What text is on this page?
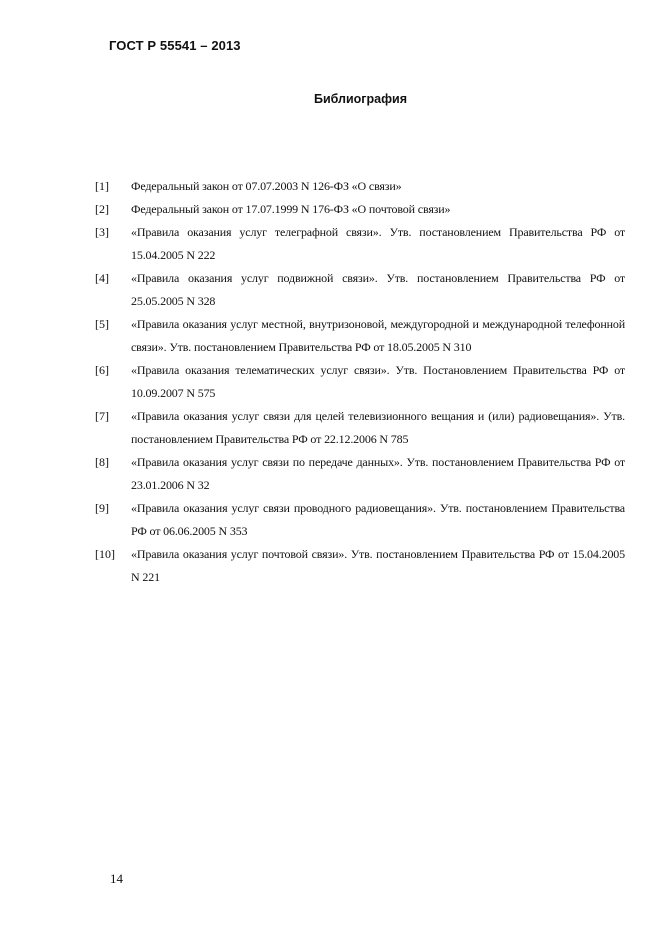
ГОСТ Р 55541 – 2013
Библиография
[1]	Федеральный закон от 07.07.2003 N 126-ФЗ «О связи»
[2]	Федеральный закон от 17.07.1999 N 176-ФЗ «О почтовой связи»
[3]	«Правила оказания услуг телеграфной связи». Утв. постановлением Правительства РФ от 15.04.2005 N 222
[4]	«Правила оказания услуг подвижной связи». Утв. постановлением Правительства РФ от 25.05.2005 N 328
[5]	«Правила оказания услуг местной, внутризоновой, междугородной и международной телефонной связи». Утв. постановлением Правительства РФ от 18.05.2005 N 310
[6]	«Правила оказания телематических услуг связи». Утв. Постановлением Правительства РФ от 10.09.2007 N 575
[7]	«Правила оказания услуг связи для целей телевизионного вещания и (или) радиовещания». Утв. постановлением Правительства РФ от 22.12.2006 N 785
[8]	«Правила оказания услуг связи по передаче данных». Утв. постановлением Правительства РФ от 23.01.2006 N 32
[9]	«Правила оказания услуг связи проводного радиовещания». Утв. постановлением Правительства РФ от 06.06.2005 N 353
[10]	«Правила оказания услуг почтовой связи». Утв. постановлением Правительства РФ от 15.04.2005 N 221
14
